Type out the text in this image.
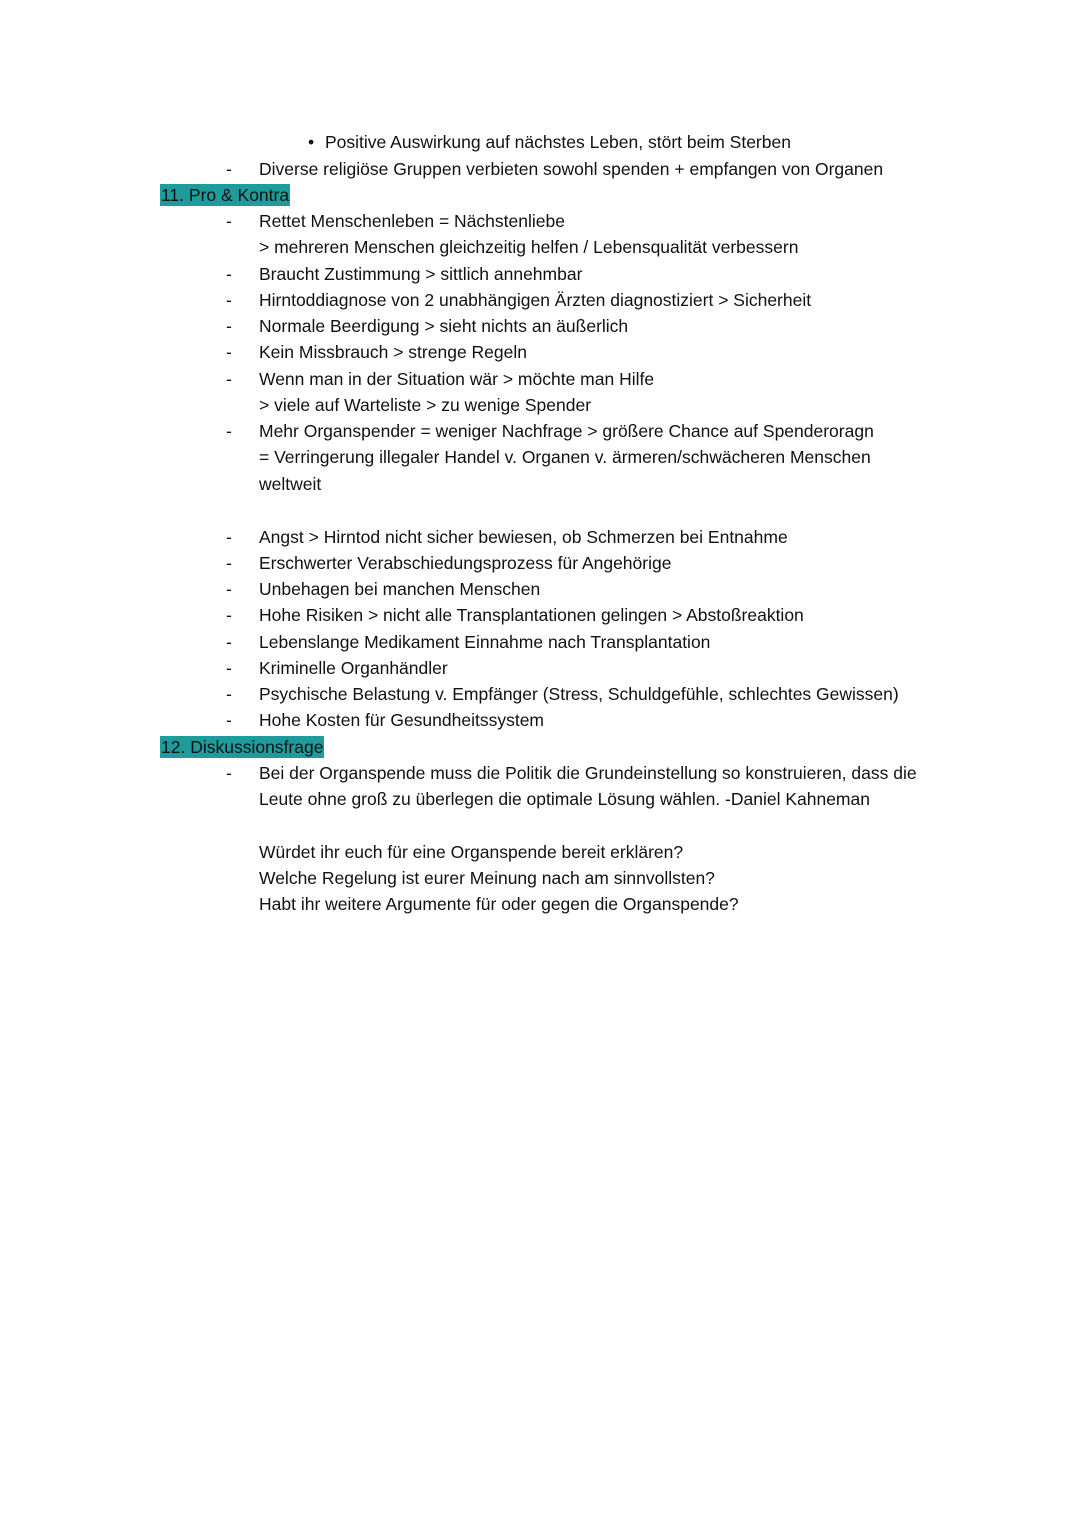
• Positive Auswirkung auf nächstes Leben, stört beim Sterben
- Diverse religiöse Gruppen verbieten sowohl spenden + empfangen von Organen
11. Pro & Kontra
- Rettet Menschenleben = Nächstenliebe
> mehreren Menschen gleichzeitig helfen / Lebensqualität verbessern
- Braucht Zustimmung > sittlich annehmbar
- Hirntoddiagnose von 2 unabhängigen Ärzten diagnostiziert > Sicherheit
- Normale Beerdigung > sieht nichts an äußerlich
- Kein Missbrauch > strenge Regeln
- Wenn man in der Situation wär > möchte man Hilfe
> viele auf Warteliste > zu wenige Spender
- Mehr Organspender = weniger Nachfrage > größere Chance auf Spenderoragn
= Verringerung illegaler Handel v. Organen v. ärmeren/schwächeren Menschen
weltweit
- Angst > Hirntod nicht sicher bewiesen, ob Schmerzen bei Entnahme
- Erschwerter Verabschiedungsprozess für Angehörige
- Unbehagen bei manchen Menschen
- Hohe Risiken > nicht alle Transplantationen gelingen > Abstoßreaktion
- Lebenslange Medikament Einnahme nach Transplantation
- Kriminelle Organhändler
- Psychische Belastung v. Empfänger (Stress, Schuldgefühle, schlechtes Gewissen)
- Hohe Kosten für Gesundheitssystem
12. Diskussionsfrage
- Bei der Organspende muss die Politik die Grundeinstellung so konstruieren, dass die
Leute ohne groß zu überlegen die optimale Lösung wählen. -Daniel Kahneman
Würdet ihr euch für eine Organspende bereit erklären?
Welche Regelung ist eurer Meinung nach am sinnvollsten?
Habt ihr weitere Argumente für oder gegen die Organspende?
